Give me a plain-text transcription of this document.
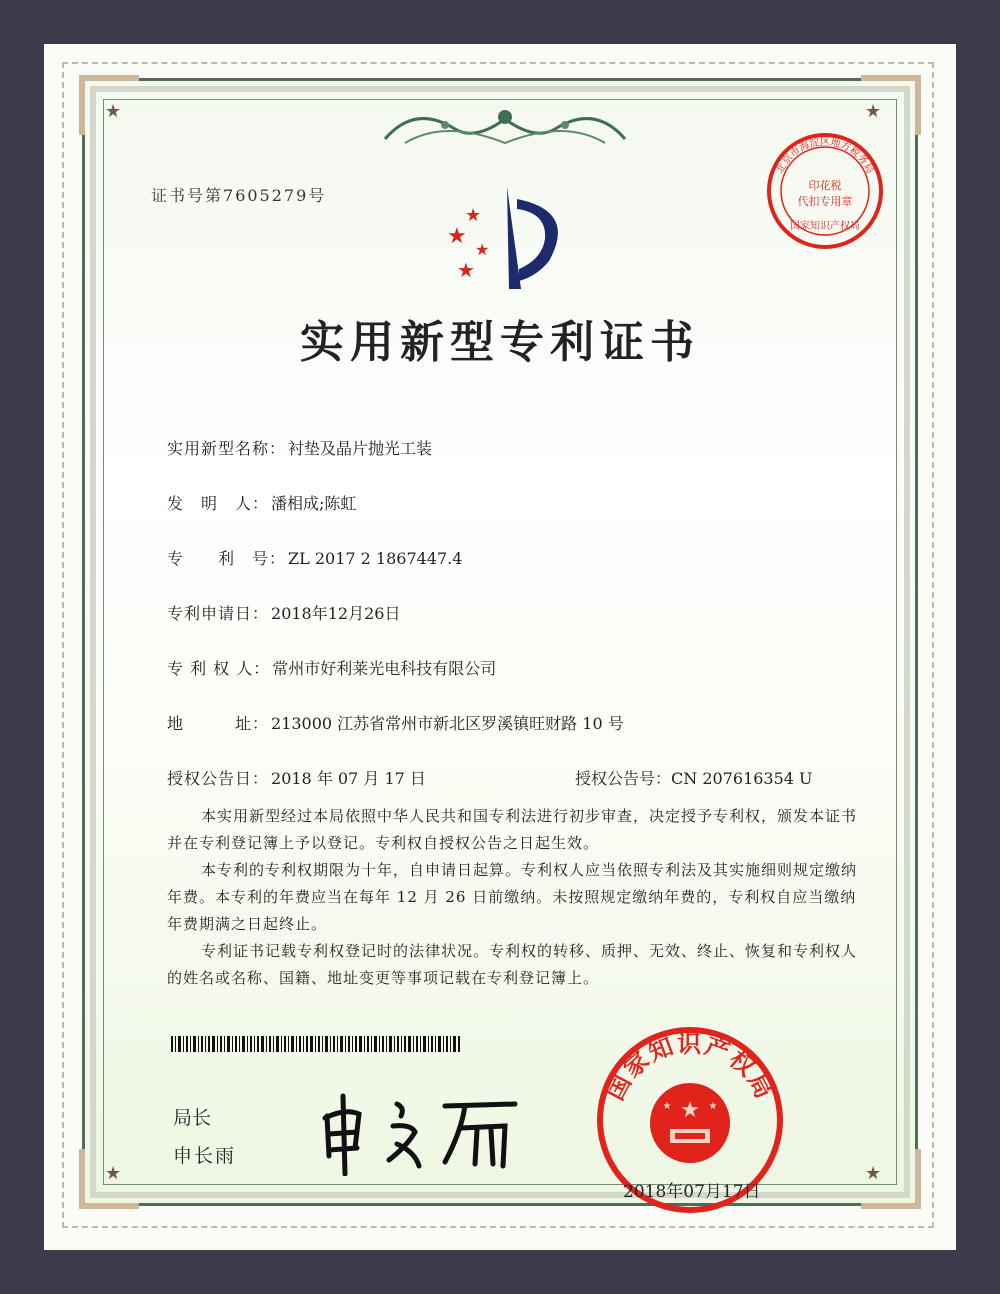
★	★
★	★
证书号第7605279号
★
★
★
★
北京市海淀区地方税务局
印花税
代扣专用章
国家知识产权局
实用新型专利证书
实用新型名称： 衬垫及晶片抛光工装
发　明　人： 潘相成;陈虹
专　　利　号： ZL 2017 2 1867447.4
专利申请日： 2018年12月26日
专 利 权 人： 常州市好利莱光电科技有限公司
地　　　址： 213000 江苏省常州市新北区罗溪镇旺财路 10 号
授权公告日： 2018 年 07 月 17 日	授权公告号：CN 207616354 U
本实用新型经过本局依照中华人民共和国专利法进行初步审查，决定授予专利权，颁发本证书并在专利登记簿上予以登记。专利权自授权公告之日起生效。
本专利的专利权期限为十年，自申请日起算。专利权人应当依照专利法及其实施细则规定缴纳年费。本专利的年费应当在每年 12 月 26 日前缴纳。未按照规定缴纳年费的，专利权自应当缴纳年费期满之日起终止。
专利证书记载专利权登记时的法律状况。专利权的转移、质押、无效、终止、恢复和专利权人的姓名或名称、国籍、地址变更等事项记载在专利登记簿上。
局长
申长雨
国家知识产权局
★
★	★
2018年07月17日
